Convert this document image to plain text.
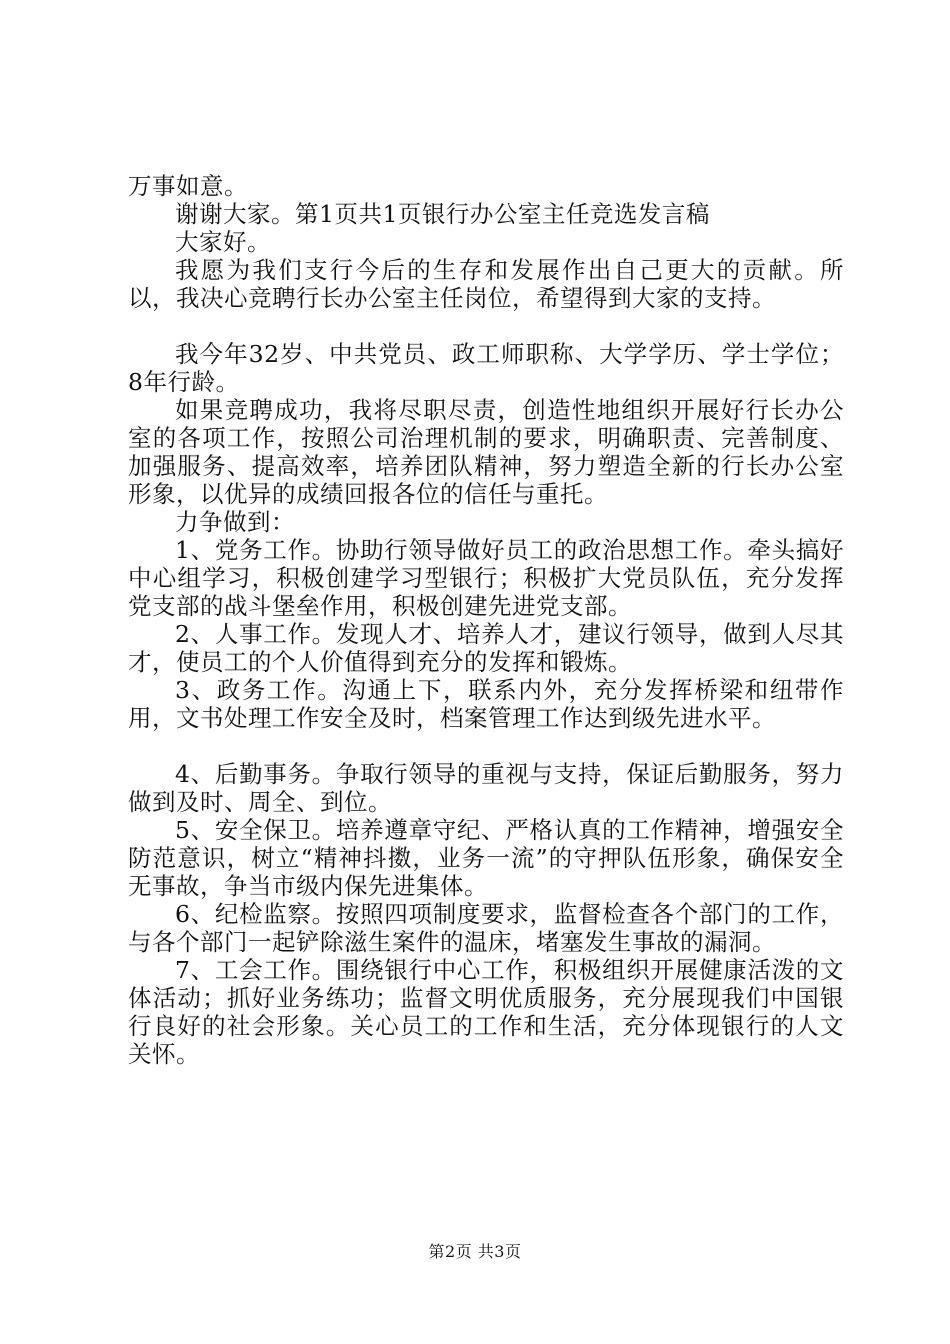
万事如意。

谢谢大家。第1页共1页银行办公室主任竞选发言稿

大家好。

我愿为我们支行今后的生存和发展作出自己更大的贡献。所以，我决心竞聘行长办公室主任岗位，希望得到大家的支持。

我今年32岁、中共党员、政工师职称、大学学历、学士学位；8年行龄。

如果竞聘成功，我将尽职尽责，创造性地组织开展好行长办公室的各项工作，按照公司治理机制的要求，明确职责、完善制度、加强服务、提高效率，培养团队精神，努力塑造全新的行长办公室形象，以优异的成绩回报各位的信任与重托。

力争做到：

1、党务工作。协助行领导做好员工的政治思想工作。牵头搞好中心组学习，积极创建学习型银行；积极扩大党员队伍，充分发挥党支部的战斗堡垒作用，积极创建先进党支部。

2、人事工作。发现人才、培养人才，建议行领导，做到人尽其才，使员工的个人价值得到充分的发挥和锻炼。

3、政务工作。沟通上下，联系内外，充分发挥桥梁和纽带作用，文书处理工作安全及时，档案管理工作达到级先进水平。

4、后勤事务。争取行领导的重视与支持，保证后勤服务，努力做到及时、周全、到位。

5、安全保卫。培养遵章守纪、严格认真的工作精神，增强安全防范意识，树立“精神抖擞，业务一流”的守押队伍形象，确保安全无事故，争当市级内保先进集体。

6、纪检监察。按照四项制度要求，监督检查各个部门的工作，与各个部门一起铲除滋生案件的温床，堵塞发生事故的漏洞。

7、工会工作。围绕银行中心工作，积极组织开展健康活泼的文体活动；抓好业务练功；监督文明优质服务，充分展现我们中国银行良好的社会形象。关心员工的工作和生活，充分体现银行的人文关怀。

第2页 共3页
